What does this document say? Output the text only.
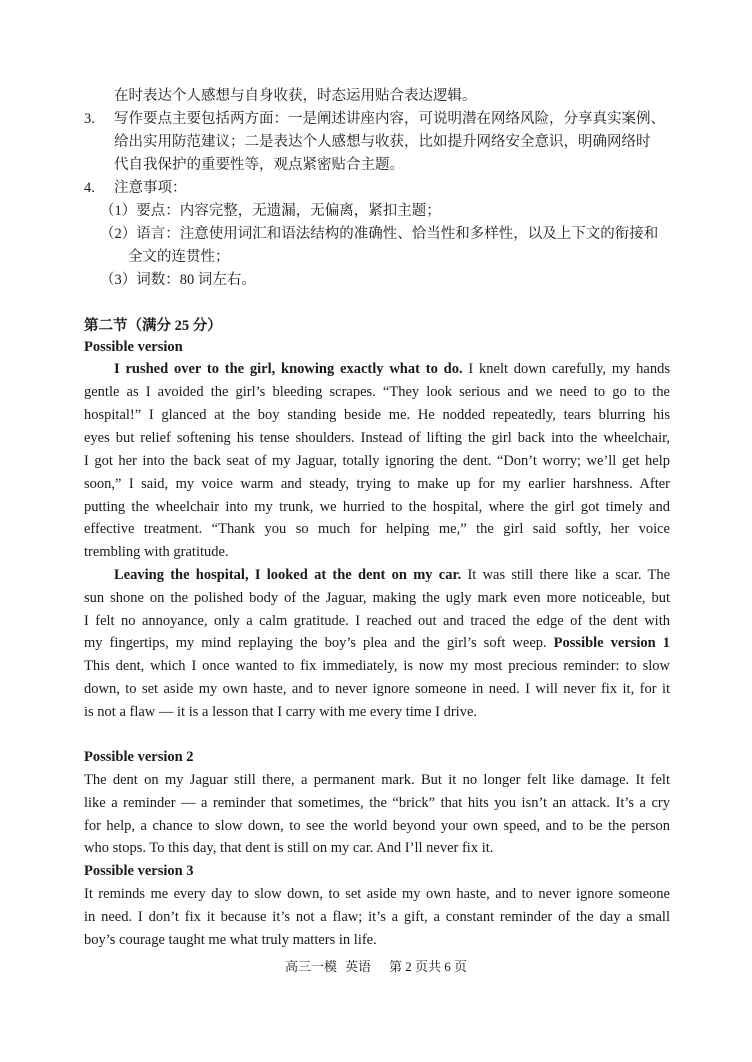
在时表达个人感想与自身收获，时态运用贴合表达逻辑。
3. 写作要点主要包括两方面：一是阐述讲座内容，可说明潜在网络风险，分享真实案例、
给出实用防范建议；二是表达个人感想与收获，比如提升网络安全意识，明确网络时
代自我保护的重要性等，观点紧密贴合主题。
4. 注意事项：
（1）要点：内容完整，无遗漏，无偏离，紧扣主题；
（2）语言：注意使用词汇和语法结构的准确性、恰当性和多样性，以及上下文的衔接和
全文的连贯性；
（3）词数：80 词左右。
第二节（满分 25 分）
Possible version
I rushed over to the girl, knowing exactly what to do. I knelt down carefully, my hands
gentle as I avoided the girl’s bleeding scrapes. “They look serious and we need to go to the
hospital!” I glanced at the boy standing beside me. He nodded repeatedly, tears blurring his
eyes but relief softening his tense shoulders. Instead of lifting the girl back into the wheelchair,
I got her into the back seat of my Jaguar, totally ignoring the dent. “Don’t worry; we’ll get help
soon,” I said, my voice warm and steady, trying to make up for my earlier harshness. After
putting the wheelchair into my trunk, we hurried to the hospital, where the girl got timely and
effective treatment. “Thank you so much for helping me,” the girl said softly, her voice
trembling with gratitude.
Leaving the hospital, I looked at the dent on my car. It was still there like a scar. The
sun shone on the polished body of the Jaguar, making the ugly mark even more noticeable, but
I felt no annoyance, only a calm gratitude. I reached out and traced the edge of the dent with
my fingertips, my mind replaying the boy’s plea and the girl’s soft weep. Possible version 1
This dent, which I once wanted to fix immediately, is now my most precious reminder: to slow
down, to set aside my own haste, and to never ignore someone in need. I will never fix it, for it
is not a flaw — it is a lesson that I carry with me every time I drive.
Possible version 2
The dent on my Jaguar still there, a permanent mark. But it no longer felt like damage. It felt
like a reminder — a reminder that sometimes, the “brick” that hits you isn’t an attack. It’s a cry
for help, a chance to slow down, to see the world beyond your own speed, and to be the person
who stops. To this day, that dent is still on my car. And I’ll never fix it.
Possible version 3
It reminds me every day to slow down, to set aside my own haste, and to never ignore someone
in need. I don’t fix it because it’s not a flaw; it’s a gift, a constant reminder of the day a small
boy’s courage taught me what truly matters in life.
高三一模 英语 第 2 页共 6 页
